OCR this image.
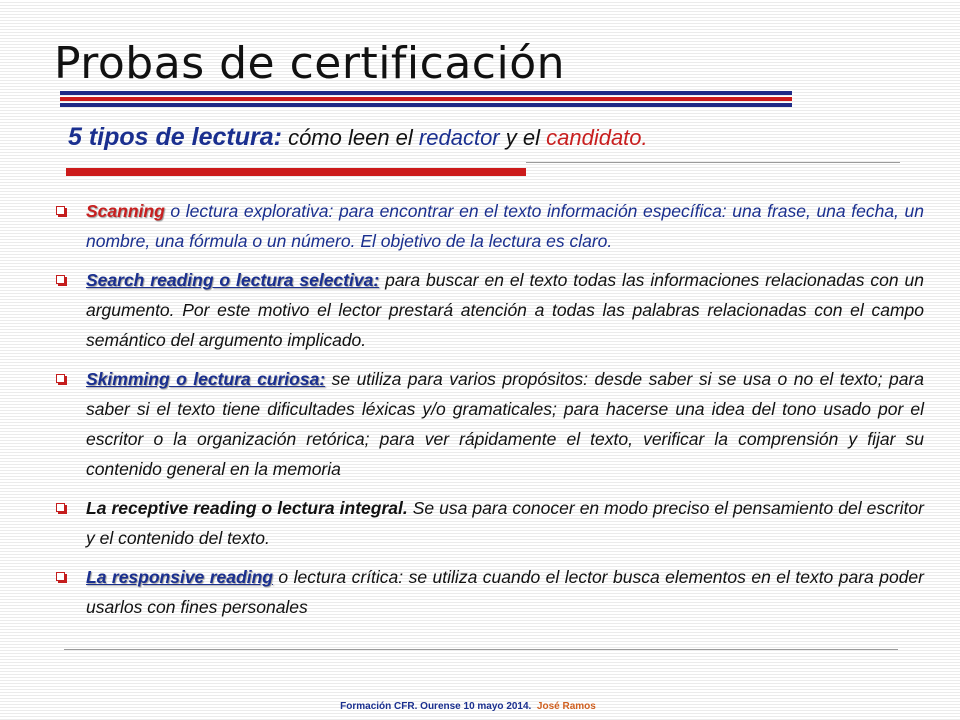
Probas de certificación
5 tipos de lectura: cómo leen el redactor y el candidato.
Scanning o lectura explorativa: para encontrar en el texto información específica: una frase, una fecha, un nombre, una fórmula o un número. El objetivo de la lectura es claro.
Search reading o lectura selectiva: para buscar en el texto todas las informaciones relacionadas con un argumento. Por este motivo el lector prestará atención a todas las palabras relacionadas con el campo semántico del argumento implicado.
Skimming o lectura curiosa: se utiliza para varios propósitos: desde saber si se usa o no el texto; para saber si el texto tiene dificultades léxicas y/o gramaticales; para hacerse una idea del tono usado por el escritor o la organización retórica; para ver rápidamente el texto, verificar la comprensión y fijar su contenido general en la memoria
La receptive reading o lectura integral. Se usa para conocer en modo preciso el pensamiento del escritor y el contenido del texto.
La responsive reading o lectura crítica: se utiliza cuando el lector busca elementos en el texto para poder usarlos con fines personales
Formación CFR. Ourense 10 mayo 2014. José Ramos
